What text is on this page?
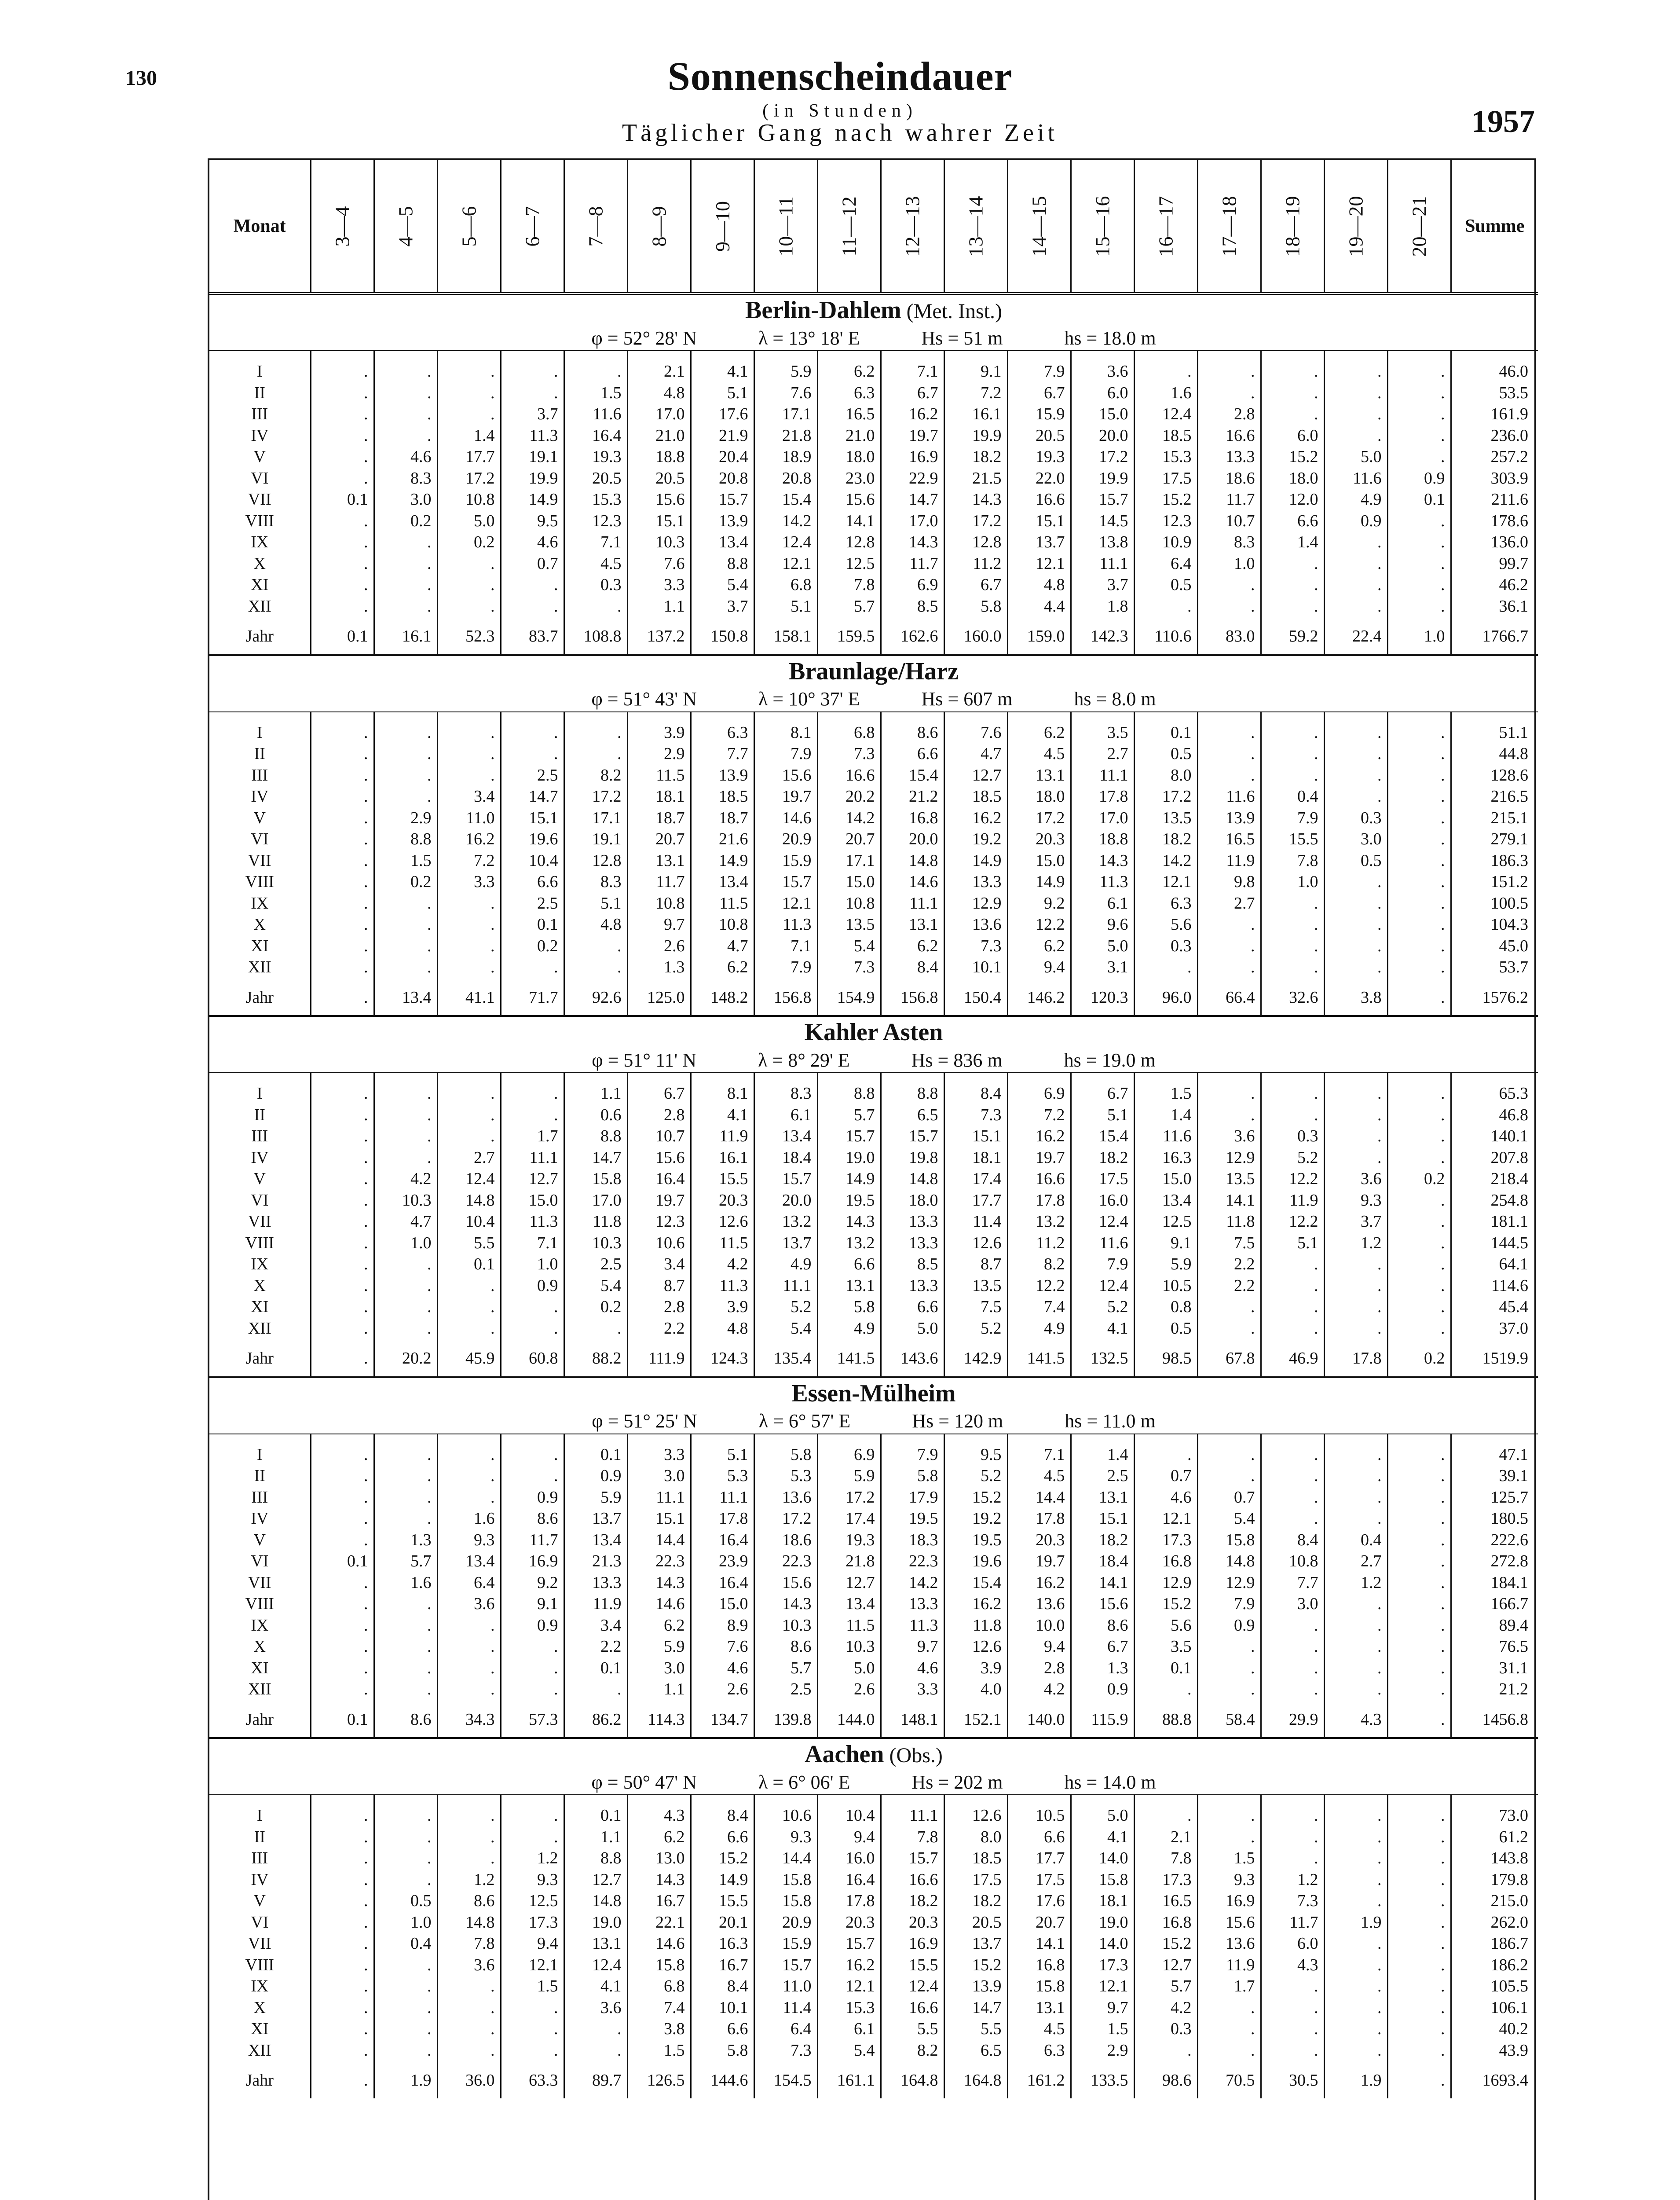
130	Sonnenscheindauer
(in Stunden)
Täglicher Gang nach wahrer Zeit	1957
Monat	3—4	4—5	5—6	6—7	7—8	8—9	9—10	10—11	11—12	12—13	13—14	14—15	15—16	16—17	17—18	18—19	19—20	20—21	Summe
Berlin-Dahlem (Met. Inst.)																			
φ = 52° 28' N λ = 13° 18' E Hs = 51 m hs = 18.0 m																			

I	.	.	.	.	.	2.1	4.1	5.9	6.2	7.1	9.1	7.9	3.6	.	.	.	.	.	46.0
II	.	.	.	.	1.5	4.8	5.1	7.6	6.3	6.7	7.2	6.7	6.0	1.6	.	.	.	.	53.5
III	.	.	.	3.7	11.6	17.0	17.6	17.1	16.5	16.2	16.1	15.9	15.0	12.4	2.8	.	.	.	161.9
IV	.	.	1.4	11.3	16.4	21.0	21.9	21.8	21.0	19.7	19.9	20.5	20.0	18.5	16.6	6.0	.	.	236.0
V	.	4.6	17.7	19.1	19.3	18.8	20.4	18.9	18.0	16.9	18.2	19.3	17.2	15.3	13.3	15.2	5.0	.	257.2
VI	.	8.3	17.2	19.9	20.5	20.5	20.8	20.8	23.0	22.9	21.5	22.0	19.9	17.5	18.6	18.0	11.6	0.9	303.9
VII	0.1	3.0	10.8	14.9	15.3	15.6	15.7	15.4	15.6	14.7	14.3	16.6	15.7	15.2	11.7	12.0	4.9	0.1	211.6
VIII	.	0.2	5.0	9.5	12.3	15.1	13.9	14.2	14.1	17.0	17.2	15.1	14.5	12.3	10.7	6.6	0.9	.	178.6
IX	.	.	0.2	4.6	7.1	10.3	13.4	12.4	12.8	14.3	12.8	13.7	13.8	10.9	8.3	1.4	.	.	136.0
X	.	.	.	0.7	4.5	7.6	8.8	12.1	12.5	11.7	11.2	12.1	11.1	6.4	1.0	.	.	.	99.7
XI	.	.	.	.	0.3	3.3	5.4	6.8	7.8	6.9	6.7	4.8	3.7	0.5	.	.	.	.	46.2
XII	.	.	.	.	.	1.1	3.7	5.1	5.7	8.5	5.8	4.4	1.8	.	.	.	.	.	36.1
Jahr	0.1	16.1	52.3	83.7	108.8	137.2	150.8	158.1	159.5	162.6	160.0	159.0	142.3	110.6	83.0	59.2	22.4	1.0	1766.7
Braunlage/Harz																			
φ = 51° 43' N λ = 10° 37' E Hs = 607 m hs = 8.0 m																			

I	.	.	.	.	.	3.9	6.3	8.1	6.8	8.6	7.6	6.2	3.5	0.1	.	.	.	.	51.1
II	.	.	.	.	.	2.9	7.7	7.9	7.3	6.6	4.7	4.5	2.7	0.5	.	.	.	.	44.8
III	.	.	.	2.5	8.2	11.5	13.9	15.6	16.6	15.4	12.7	13.1	11.1	8.0	.	.	.	.	128.6
IV	.	.	3.4	14.7	17.2	18.1	18.5	19.7	20.2	21.2	18.5	18.0	17.8	17.2	11.6	0.4	.	.	216.5
V	.	2.9	11.0	15.1	17.1	18.7	18.7	14.6	14.2	16.8	16.2	17.2	17.0	13.5	13.9	7.9	0.3	.	215.1
VI	.	8.8	16.2	19.6	19.1	20.7	21.6	20.9	20.7	20.0	19.2	20.3	18.8	18.2	16.5	15.5	3.0	.	279.1
VII	.	1.5	7.2	10.4	12.8	13.1	14.9	15.9	17.1	14.8	14.9	15.0	14.3	14.2	11.9	7.8	0.5	.	186.3
VIII	.	0.2	3.3	6.6	8.3	11.7	13.4	15.7	15.0	14.6	13.3	14.9	11.3	12.1	9.8	1.0	.	.	151.2
IX	.	.	.	2.5	5.1	10.8	11.5	12.1	10.8	11.1	12.9	9.2	6.1	6.3	2.7	.	.	.	100.5
X	.	.	.	0.1	4.8	9.7	10.8	11.3	13.5	13.1	13.6	12.2	9.6	5.6	.	.	.	.	104.3
XI	.	.	.	0.2	.	2.6	4.7	7.1	5.4	6.2	7.3	6.2	5.0	0.3	.	.	.	.	45.0
XII	.	.	.	.	.	1.3	6.2	7.9	7.3	8.4	10.1	9.4	3.1	.	.	.	.	.	53.7
Jahr	.	13.4	41.1	71.7	92.6	125.0	148.2	156.8	154.9	156.8	150.4	146.2	120.3	96.0	66.4	32.6	3.8	.	1576.2
Kahler Asten																			
φ = 51° 11' N λ = 8° 29' E Hs = 836 m hs = 19.0 m																			

I	.	.	.	.	1.1	6.7	8.1	8.3	8.8	8.8	8.4	6.9	6.7	1.5	.	.	.	.	65.3
II	.	.	.	.	0.6	2.8	4.1	6.1	5.7	6.5	7.3	7.2	5.1	1.4	.	.	.	.	46.8
III	.	.	.	1.7	8.8	10.7	11.9	13.4	15.7	15.7	15.1	16.2	15.4	11.6	3.6	0.3	.	.	140.1
IV	.	.	2.7	11.1	14.7	15.6	16.1	18.4	19.0	19.8	18.1	19.7	18.2	16.3	12.9	5.2	.	.	207.8
V	.	4.2	12.4	12.7	15.8	16.4	15.5	15.7	14.9	14.8	17.4	16.6	17.5	15.0	13.5	12.2	3.6	0.2	218.4
VI	.	10.3	14.8	15.0	17.0	19.7	20.3	20.0	19.5	18.0	17.7	17.8	16.0	13.4	14.1	11.9	9.3	.	254.8
VII	.	4.7	10.4	11.3	11.8	12.3	12.6	13.2	14.3	13.3	11.4	13.2	12.4	12.5	11.8	12.2	3.7	.	181.1
VIII	.	1.0	5.5	7.1	10.3	10.6	11.5	13.7	13.2	13.3	12.6	11.2	11.6	9.1	7.5	5.1	1.2	.	144.5
IX	.	.	0.1	1.0	2.5	3.4	4.2	4.9	6.6	8.5	8.7	8.2	7.9	5.9	2.2	.	.	.	64.1
X	.	.	.	0.9	5.4	8.7	11.3	11.1	13.1	13.3	13.5	12.2	12.4	10.5	2.2	.	.	.	114.6
XI	.	.	.	.	0.2	2.8	3.9	5.2	5.8	6.6	7.5	7.4	5.2	0.8	.	.	.	.	45.4
XII	.	.	.	.	.	2.2	4.8	5.4	4.9	5.0	5.2	4.9	4.1	0.5	.	.	.	.	37.0
Jahr	.	20.2	45.9	60.8	88.2	111.9	124.3	135.4	141.5	143.6	142.9	141.5	132.5	98.5	67.8	46.9	17.8	0.2	1519.9
Essen-Mülheim																			
φ = 51° 25' N λ = 6° 57' E Hs = 120 m hs = 11.0 m																			

I	.	.	.	.	0.1	3.3	5.1	5.8	6.9	7.9	9.5	7.1	1.4	.	.	.	.	.	47.1
II	.	.	.	.	0.9	3.0	5.3	5.3	5.9	5.8	5.2	4.5	2.5	0.7	.	.	.	.	39.1
III	.	.	.	0.9	5.9	11.1	11.1	13.6	17.2	17.9	15.2	14.4	13.1	4.6	0.7	.	.	.	125.7
IV	.	.	1.6	8.6	13.7	15.1	17.8	17.2	17.4	19.5	19.2	17.8	15.1	12.1	5.4	.	.	.	180.5
V	.	1.3	9.3	11.7	13.4	14.4	16.4	18.6	19.3	18.3	19.5	20.3	18.2	17.3	15.8	8.4	0.4	.	222.6
VI	0.1	5.7	13.4	16.9	21.3	22.3	23.9	22.3	21.8	22.3	19.6	19.7	18.4	16.8	14.8	10.8	2.7	.	272.8
VII	.	1.6	6.4	9.2	13.3	14.3	16.4	15.6	12.7	14.2	15.4	16.2	14.1	12.9	12.9	7.7	1.2	.	184.1
VIII	.	.	3.6	9.1	11.9	14.6	15.0	14.3	13.4	13.3	16.2	13.6	15.6	15.2	7.9	3.0	.	.	166.7
IX	.	.	.	0.9	3.4	6.2	8.9	10.3	11.5	11.3	11.8	10.0	8.6	5.6	0.9	.	.	.	89.4
X	.	.	.	.	2.2	5.9	7.6	8.6	10.3	9.7	12.6	9.4	6.7	3.5	.	.	.	.	76.5
XI	.	.	.	.	0.1	3.0	4.6	5.7	5.0	4.6	3.9	2.8	1.3	0.1	.	.	.	.	31.1
XII	.	.	.	.	.	1.1	2.6	2.5	2.6	3.3	4.0	4.2	0.9	.	.	.	.	.	21.2
Jahr	0.1	8.6	34.3	57.3	86.2	114.3	134.7	139.8	144.0	148.1	152.1	140.0	115.9	88.8	58.4	29.9	4.3	.	1456.8
Aachen (Obs.)																			
φ = 50° 47' N λ = 6° 06' E Hs = 202 m hs = 14.0 m																			

I	.	.	.	.	0.1	4.3	8.4	10.6	10.4	11.1	12.6	10.5	5.0	.	.	.	.	.	73.0
II	.	.	.	.	1.1	6.2	6.6	9.3	9.4	7.8	8.0	6.6	4.1	2.1	.	.	.	.	61.2
III	.	.	.	1.2	8.8	13.0	15.2	14.4	16.0	15.7	18.5	17.7	14.0	7.8	1.5	.	.	.	143.8
IV	.	.	1.2	9.3	12.7	14.3	14.9	15.8	16.4	16.6	17.5	17.5	15.8	17.3	9.3	1.2	.	.	179.8
V	.	0.5	8.6	12.5	14.8	16.7	15.5	15.8	17.8	18.2	18.2	17.6	18.1	16.5	16.9	7.3	.	.	215.0
VI	.	1.0	14.8	17.3	19.0	22.1	20.1	20.9	20.3	20.3	20.5	20.7	19.0	16.8	15.6	11.7	1.9	.	262.0
VII	.	0.4	7.8	9.4	13.1	14.6	16.3	15.9	15.7	16.9	13.7	14.1	14.0	15.2	13.6	6.0	.	.	186.7
VIII	.	.	3.6	12.1	12.4	15.8	16.7	15.7	16.2	15.5	15.2	16.8	17.3	12.7	11.9	4.3	.	.	186.2
IX	.	.	.	1.5	4.1	6.8	8.4	11.0	12.1	12.4	13.9	15.8	12.1	5.7	1.7	.	.	.	105.5
X	.	.	.	.	3.6	7.4	10.1	11.4	15.3	16.6	14.7	13.1	9.7	4.2	.	.	.	.	106.1
XI	.	.	.	.	.	3.8	6.6	6.4	6.1	5.5	5.5	4.5	1.5	0.3	.	.	.	.	40.2
XII	.	.	.	.	.	1.5	5.8	7.3	5.4	8.2	6.5	6.3	2.9	.	.	.	.	.	43.9
Jahr	.	1.9	36.0	63.3	89.7	126.5	144.6	154.5	161.1	164.8	164.8	161.2	133.5	98.6	70.5	30.5	1.9	.	1693.4
